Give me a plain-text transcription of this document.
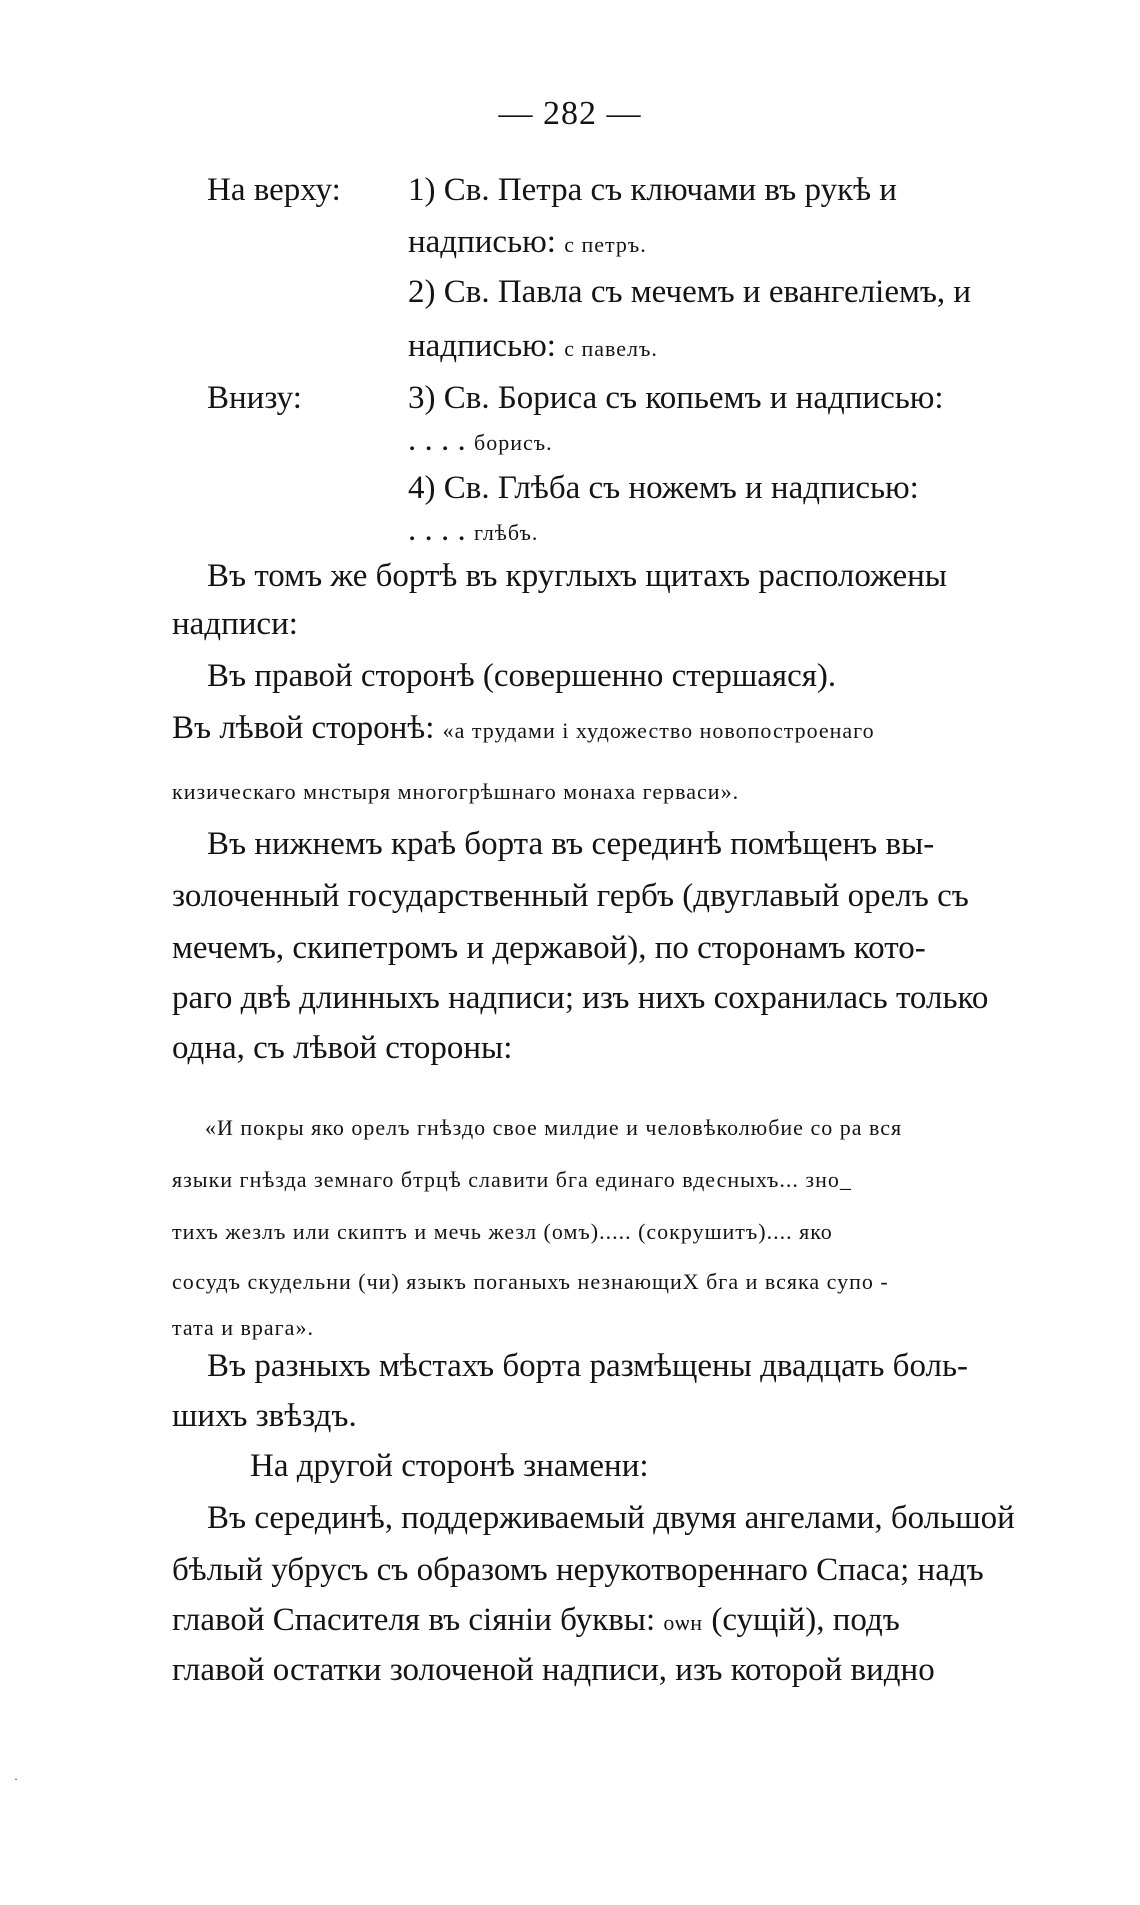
— 282 —
На верху: 1) Св. Петра съ ключами въ рукѣ и
надписью: с петръ.
2) Св. Павла съ мечемъ и евангеліемъ, и
надписью: с павелъ.
Внизу:	3) Св. Бориса съ копьемъ и надписью:
. . . . борисъ.
4) Св. Глѣба съ ножемъ и надписью:
. . . . глѣбъ.
Въ томъ же бортѣ въ круглыхъ щитахъ расположены
надписи:
Въ правой сторонѣ (совершенно стершаяся).
Въ лѣвой сторонѣ: «а трудами і художество новопостроенаго
кизическаго мнстыря многогрѣшнаго монаха герваси».
Въ нижнемъ краѣ борта въ серединѣ помѣщенъ вы-
золоченный государственный гербъ (двуглавый орелъ съ
мечемъ, скипетромъ и державой), по сторонамъ кото-
раго двѣ длинныхъ надписи; изъ нихъ сохранилась только
одна, съ лѣвой стороны:
«И покры яко орелъ гнѣздо свое милдие и человѣколюбие со ра вся
языки гнѣзда земнаго бтрцѣ славити бга единаго вдесныхъ... зно_
тихъ жезлъ или скиптъ и мечь жезл (омъ)..... (сокрушитъ).... яко
сосудъ скудельни (чи) языкъ поганыхъ незнающиХ бга и всяка супо -
тата и врага».
Въ разныхъ мѣстахъ борта размѣщены двадцать боль-
шихъ звѣздъ.
На другой сторонѣ знамени:
Въ серединѣ, поддерживаемый двумя ангелами, большой
бѣлый убрусъ съ образомъ нерукотвореннаго Спаса; надъ
главой Спасителя въ сіяніи буквы: оѡн (сущій), подъ
главой остатки золоченой надписи, изъ которой видно
·
